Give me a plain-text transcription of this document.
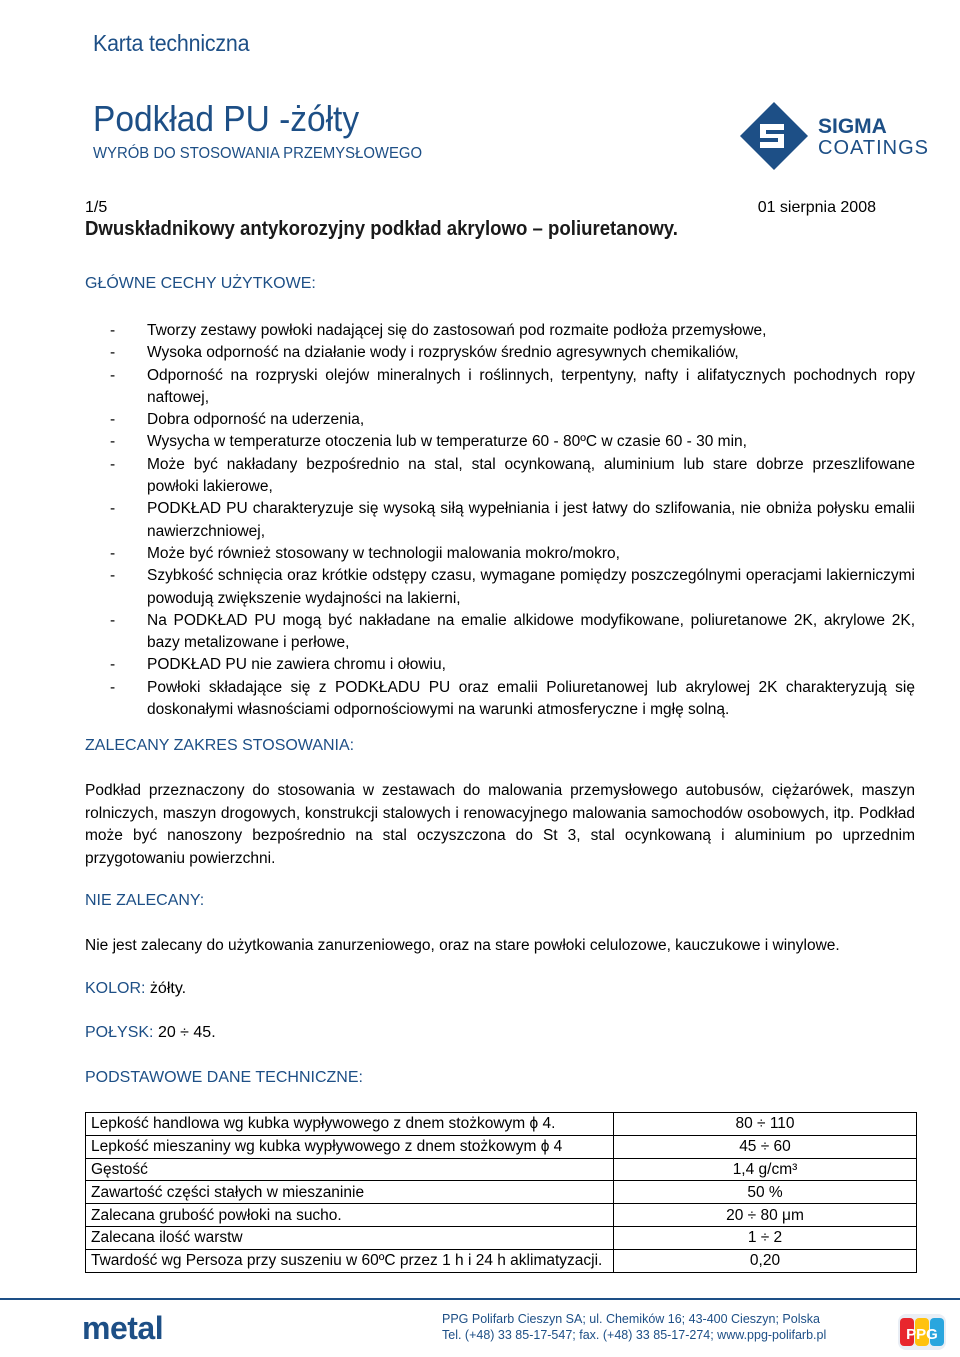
Karta techniczna
Podkład PU -żółty
WYRÓB DO STOSOWANIA PRZEMYSŁOWEGO
SIGMA
COATINGS
1/5	01 sierpnia 2008
Dwuskładnikowy antykorozyjny podkład akrylowo – poliuretanowy.
GŁÓWNE CECHY UŻYTKOWE:
- Tworzy zestawy powłoki nadającej się do zastosowań pod rozmaite podłoża przemysłowe,
- Wysoka odporność na działanie wody i rozprysków średnio agresywnych chemikaliów,
- Odporność na rozpryski olejów mineralnych i roślinnych, terpentyny, nafty i alifatycznych pochodnych ropy naftowej,
- Dobra odporność na uderzenia,
- Wysycha w temperaturze otoczenia lub w temperaturze 60 - 80ºC w czasie 60 - 30 min,
- Może być nakładany bezpośrednio na stal, stal ocynkowaną, aluminium lub stare dobrze przeszlifowane powłoki lakierowe,
- PODKŁAD PU charakteryzuje się wysoką siłą wypełniania i jest łatwy do szlifowania, nie obniża połysku emalii nawierzchniowej,
- Może być również stosowany w technologii malowania mokro/mokro,
- Szybkość schnięcia oraz krótkie odstępy czasu, wymagane pomiędzy poszczególnymi operacjami lakierniczymi powodują zwiększenie wydajności na lakierni,
- Na PODKŁAD PU mogą być nakładane na emalie alkidowe modyfikowane, poliuretanowe 2K, akrylowe 2K, bazy metalizowane i perłowe,
- PODKŁAD PU nie zawiera chromu i ołowiu,
- Powłoki składające się z PODKŁADU PU oraz emalii Poliuretanowej lub akrylowej 2K charakteryzują się doskonałymi własnościami odpornościowymi na warunki atmosferyczne i mgłę solną.
ZALECANY ZAKRES STOSOWANIA:

Podkład przeznaczony do stosowania w zestawach do malowania przemysłowego autobusów, ciężarówek, maszyn rolniczych, maszyn drogowych, konstrukcji stalowych i renowacyjnego malowania samochodów osobowych, itp. Podkład może być nanoszony bezpośrednio na stal oczyszczona do St 3, stal ocynkowaną i aluminium po uprzednim przygotowaniu powierzchni.

NIE ZALECANY:

Nie jest zalecany do użytkowania zanurzeniowego, oraz na stare powłoki celulozowe, kauczukowe i winylowe.

KOLOR: żółty.
POŁYSK: 20 ÷ 45.
PODSTAWOWE DANE TECHNICZNE:
Lepkość handlowa wg kubka wypływowego z dnem stożkowym ϕ 4.	80 ÷ 110
Lepkość mieszaniny wg kubka wypływowego z dnem stożkowym ϕ 4	45 ÷ 60
Gęstość	1,4 g/cm³
Zawartość części stałych w mieszaninie	50 %
Zalecana grubość powłoki na sucho.	20 ÷ 80 μm
Zalecana ilość warstw	1 ÷ 2
Twardość wg Persoza przy suszeniu w 60ºC przez 1 h i 24 h aklimatyzacji.	0,20
metal	PPG Polifarb Cieszyn SA; ul. Chemików 16; 43-400 Cieszyn; Polska
Tel. (+48) 33 85-17-547; fax. (+48) 33 85-17-274; www.ppg-polifarb.pl	PPG
